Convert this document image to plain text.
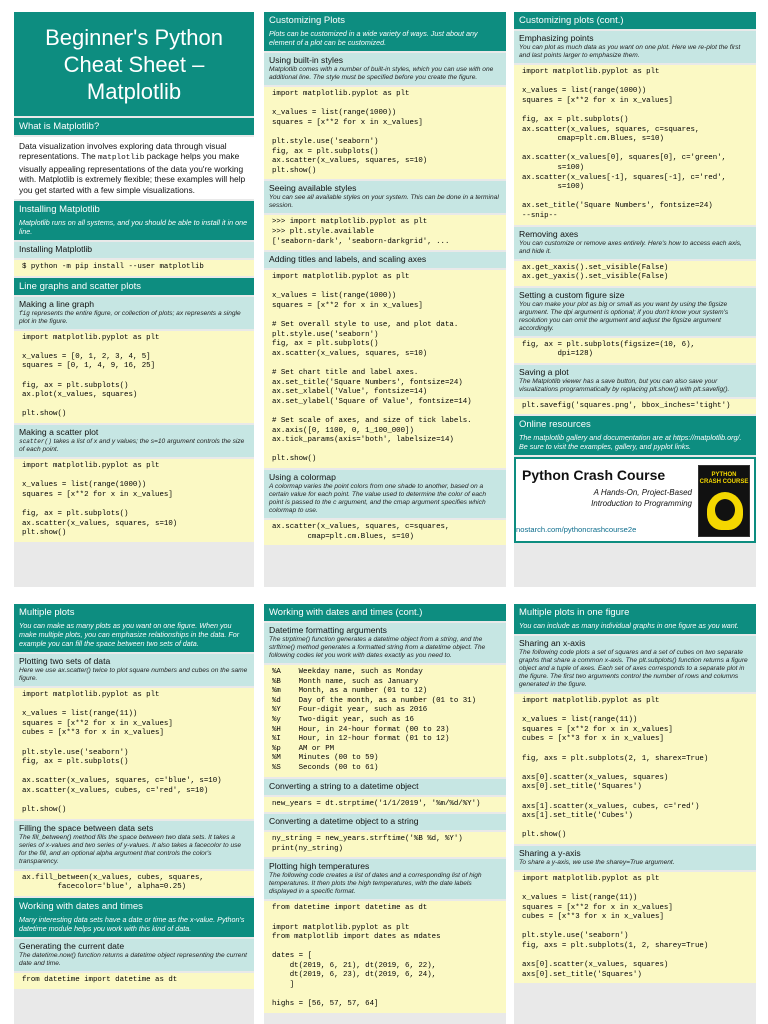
Beginner's Python Cheat Sheet – Matplotlib
What is Matplotlib?
Data visualization involves exploring data through visual representations. The matplotlib package helps you make visually appealing representations of the data you're working with. Matplotlib is extremely flexible; these examples will help you get started with a few simple visualizations.
Installing Matplotlib
Matplotlib runs on all systems, and you should be able to install it in one line.
Installing Matplotlib
$ python -m pip install --user matplotlib
Line graphs and scatter plots
Making a line graph

fig represents the entire figure, or collection of plots; ax represents a single plot in the figure.

import matplotlib.pyplot as plt

x_values = [0, 1, 2, 3, 4, 5]
squares = [0, 1, 4, 9, 16, 25]

fig, ax = plt.subplots()
ax.plot(x_values, squares)

plt.show()
Making a scatter plot

scatter() takes a list of x and y values; the s=10 argument controls the size of each point.

import matplotlib.pyplot as plt

x_values = list(range(1000))
squares = [x**2 for x in x_values]

fig, ax = plt.subplots()
ax.scatter(x_values, squares, s=10)
plt.show()
Customizing Plots
Plots can be customized in a wide variety of ways. Just about any element of a plot can be customized.
Using built-in styles

Matplotlib comes with a number of built-in styles, which you can use with one additional line. The style must be specified before you create the figure.

import matplotlib.pyplot as plt

x_values = list(range(1000))
squares = [x**2 for x in x_values]

plt.style.use('seaborn')
fig, ax = plt.subplots()
ax.scatter(x_values, squares, s=10)
plt.show()
Seeing available styles

You can see all available styles on your system. This can be done in a terminal session.

>>> import matplotlib.pyplot as plt
>>> plt.style.available
['seaborn-dark', 'seaborn-darkgrid', ...
Adding titles and labels, and scaling axes
import matplotlib.pyplot as plt

x_values = list(range(1000))
squares = [x**2 for x in x_values]

# Set overall style to use, and plot data.
plt.style.use('seaborn')
fig, ax = plt.subplots()
ax.scatter(x_values, squares, s=10)

# Set chart title and label axes.
ax.set_title('Square Numbers', fontsize=24)
ax.set_xlabel('Value', fontsize=14)
ax.set_ylabel('Square of Value', fontsize=14)

# Set scale of axes, and size of tick labels.
ax.axis([0, 1100, 0, 1_100_000])
ax.tick_params(axis='both', labelsize=14)

plt.show()
Using a colormap

A colormap varies the point colors from one shade to another, based on a certain value for each point. The value used to determine the color of each point is passed to the c argument, and the cmap argument specifies which colormap to use.

ax.scatter(x_values, squares, c=squares,
cmap=plt.cm.Blues, s=10)
Customizing plots (cont.)
Emphasizing points

You can plot as much data as you want on one plot. Here we re-plot the first and last points larger to emphasize them.

import matplotlib.pyplot as plt

x_values = list(range(1000))
squares = [x**2 for x in x_values]

fig, ax = plt.subplots()
ax.scatter(x_values, squares, c=squares,
cmap=plt.cm.Blues, s=10)

ax.scatter(x_values[0], squares[0], c='green',
s=100)
ax.scatter(x_values[-1], squares[-1], c='red',
s=100)

ax.set_title('Square Numbers', fontsize=24)
--snip--
Removing axes

You can customize or remove axes entirely. Here's how to access each axis, and hide it.

ax.get_xaxis().set_visible(False)
ax.get_yaxis().set_visible(False)
Setting a custom figure size

You can make your plot as big or small as you want by using the figsize argument. The dpi argument is optional; if you don't know your system's resolution you can omit the argument and adjust the figsize argument accordingly.

fig, ax = plt.subplots(figsize=(10, 6),
dpi=128)
Saving a plot

The Matplotlib viewer has a save button, but you can also save your visualizations programmatically by replacing plt.show() with plt.savefig().

plt.savefig('squares.png', bbox_inches='tight')
Online resources
The matplotlib gallery and documentation are at https://matplotlib.org/. Be sure to visit the examples, gallery, and pyplot links.
Python Crash Course
A Hands-On, Project-Based
Introduction to Programming
nostarch.com/pythoncrashcourse2e
PYTHON
CRASH COURSE
Multiple plots
You can make as many plots as you want on one figure. When you make multiple plots, you can emphasize relationships in the data. For example you can fill the space between two sets of data.
Plotting two sets of data

Here we use ax.scatter() twice to plot square numbers and cubes on the same figure.

import matplotlib.pyplot as plt

x_values = list(range(11))
squares = [x**2 for x in x_values]
cubes = [x**3 for x in x_values]

plt.style.use('seaborn')
fig, ax = plt.subplots()

ax.scatter(x_values, squares, c='blue', s=10)
ax.scatter(x_values, cubes, c='red', s=10)

plt.show()
Filling the space between data sets

The fill_between() method fills the space between two data sets. It takes a series of x-values and two series of y-values. It also takes a facecolor to use for the fill, and an optional alpha argument that controls the color's transparency.

ax.fill_between(x_values, cubes, squares,
facecolor='blue', alpha=0.25)
Working with dates and times
Many interesting data sets have a date or time as the x-value. Python's datetime module helps you work with this kind of data.
Generating the current date

The datetime.now() function returns a datetime object representing the current date and time.

from datetime import datetime as dt
Working with dates and times (cont.)
Datetime formatting arguments

The strptime() function generates a datetime object from a string, and the strftime() method generates a formatted string from a datetime object. The following codes let you work with dates exactly as you need to.

%A    Weekday name, such as Monday
%B    Month name, such as January
%m    Month, as a number (01 to 12)
%d    Day of the month, as a number (01 to 31)
%Y    Four-digit year, such as 2016
%y    Two-digit year, such as 16
%H    Hour, in 24-hour format (00 to 23)
%I    Hour, in 12-hour format (01 to 12)
%p    AM or PM
%M    Minutes (00 to 59)
%S    Seconds (00 to 61)
Converting a string to a datetime object
new_years = dt.strptime('1/1/2019', '%m/%d/%Y')
Converting a datetime object to a string
ny_string = new_years.strftime('%B %d, %Y')
print(ny_string)
Plotting high temperatures

The following code creates a list of dates and a corresponding list of high temperatures. It then plots the high temperatures, with the date labels displayed in a specific format.

from datetime import datetime as dt

import matplotlib.pyplot as plt
from matplotlib import dates as mdates

dates = [
dt(2019, 6, 21), dt(2019, 6, 22),
dt(2019, 6, 23), dt(2019, 6, 24),
]

highs = [56, 57, 57, 64]
Multiple plots in one figure
You can include as many individual graphs in one figure as you want.
Sharing an x-axis

The following code plots a set of squares and a set of cubes on two separate graphs that share a common x-axis. The plt.subplots() function returns a figure object and a tuple of axes. Each set of axes corresponds to a separate plot in the figure. The first two arguments control the number of rows and columns generated in the figure.

import matplotlib.pyplot as plt

x_values = list(range(11))
squares = [x**2 for x in x_values]
cubes = [x**3 for x in x_values]

fig, axs = plt.subplots(2, 1, sharex=True)

axs[0].scatter(x_values, squares)
axs[0].set_title('Squares')

axs[1].scatter(x_values, cubes, c='red')
axs[1].set_title('Cubes')

plt.show()
Sharing a y-axis

To share a y-axis, we use the sharey=True argument.

import matplotlib.pyplot as plt

x_values = list(range(11))
squares = [x**2 for x in x_values]
cubes = [x**3 for x in x_values]

plt.style.use('seaborn')
fig, axs = plt.subplots(1, 2, sharey=True)

axs[0].scatter(x_values, squares)
axs[0].set_title('Squares')
